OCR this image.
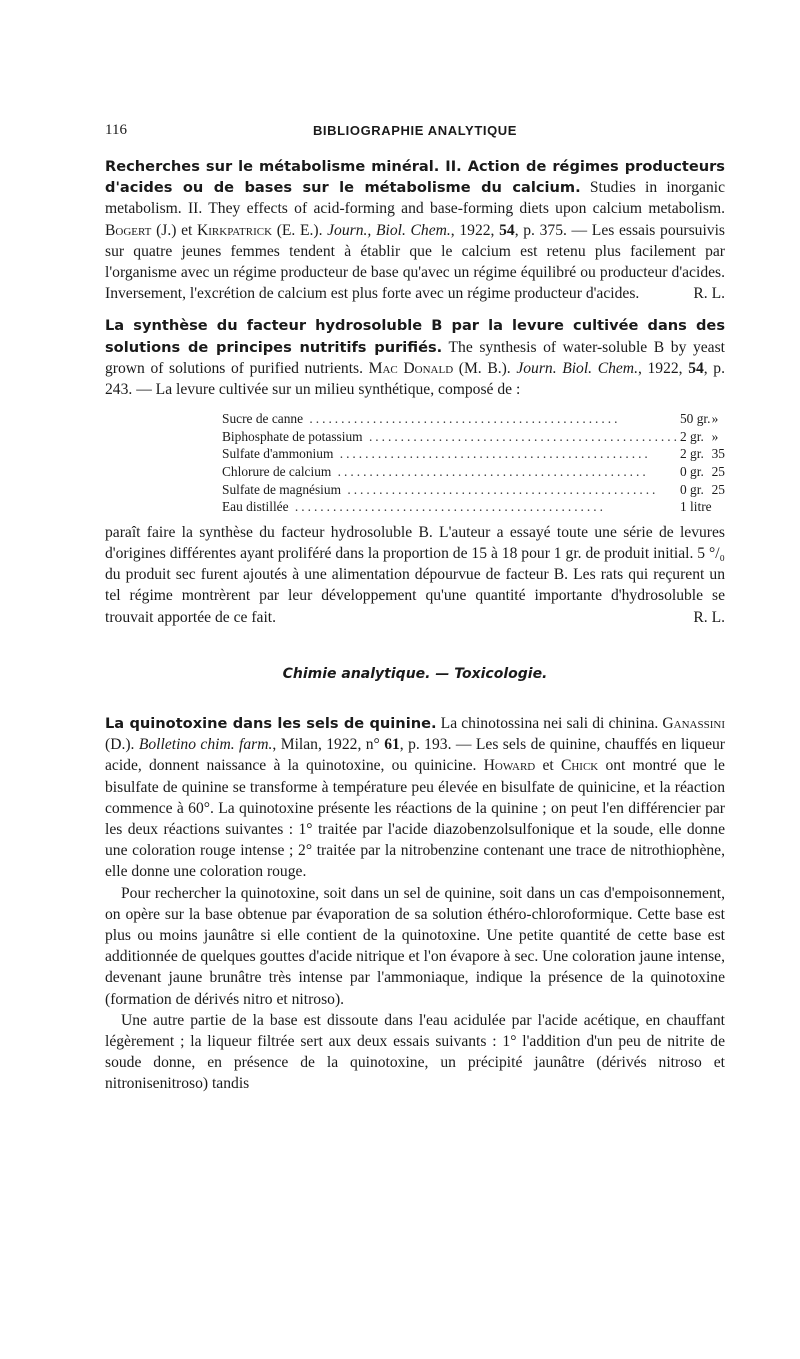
116	BIBLIOGRAPHIE ANALYTIQUE

Recherches sur le métabolisme minéral. II. Action de régimes producteurs d'acides ou de bases sur le métabolisme du calcium. Studies in inorganic metabolism. II. They effects of acid-forming and base-forming diets upon calcium metabolism. Bogert (J.) et Kirkpatrick (E. E.). Journ., Biol. Chem., 1922, 54, p. 375. — Les essais poursuivis sur quatre jeunes femmes tendent à établir que le calcium est retenu plus facilement par l'organisme avec un régime producteur de base qu'avec un régime équilibré ou producteur d'acides. Inversement, l'excrétion de calcium est plus forte avec un régime producteur d'acides.	R. L.

La synthèse du facteur hydrosoluble B par la levure cultivée dans des solutions de principes nutritifs purifiés. The synthesis of water-soluble B by yeast grown of solutions of purified nutrients. Mac Donald (M. B.). Journ. Biol. Chem., 1922, 54, p. 243. — La levure cultivée sur un milieu synthétique, composé de :

Sucre de canne .................................................	50 gr.	»
Biphosphate de potassium .................................................	2 gr.	»
Sulfate d'ammonium .................................................	2 gr.	35
Chlorure de calcium .................................................	0 gr.	25
Sulfate de magnésium .................................................	0 gr.	25
Eau distillée .................................................	1 litre	

paraît faire la synthèse du facteur hydrosoluble B. L'auteur a essayé toute une série de levures d'origines différentes ayant proliféré dans la proportion de 15 à 18 pour 1 gr. de produit initial. 5 °/₀ du produit sec furent ajoutés à une alimentation dépourvue de facteur B. Les rats qui reçurent un tel régime montrèrent par leur développement qu'une quantité importante d'hydrosoluble se trouvait apportée de ce fait.	R. L.

Chimie analytique. — Toxicologie.

La quinotoxine dans les sels de quinine. La chinotossina nei sali di chinina. Ganassini (D.). Bolletino chim. farm., Milan, 1922, n° 61, p. 193. — Les sels de quinine, chauffés en liqueur acide, donnent naissance à la quinotoxine, ou quinicine. Howard et Chick ont montré que le bisulfate de quinine se transforme à température peu élevée en bisulfate de quinicine, et la réaction commence à 60°. La quinotoxine présente les réactions de la quinine ; on peut l'en différencier par les deux réactions suivantes : 1° traitée par l'acide diazobenzolsulfonique et la soude, elle donne une coloration rouge intense ; 2° traitée par la nitrobenzine contenant une trace de nitrothiophène, elle donne une coloration rouge.

Pour rechercher la quinotoxine, soit dans un sel de quinine, soit dans un cas d'empoisonnement, on opère sur la base obtenue par évaporation de sa solution éthéro-chloroformique. Cette base est plus ou moins jaunâtre si elle contient de la quinotoxine. Une petite quantité de cette base est additionnée de quelques gouttes d'acide nitrique et l'on évapore à sec. Une coloration jaune intense, devenant jaune brunâtre très intense par l'ammoniaque, indique la présence de la quinotoxine (formation de dérivés nitro et nitroso).

Une autre partie de la base est dissoute dans l'eau acidulée par l'acide acétique, en chauffant légèrement ; la liqueur filtrée sert aux deux essais suivants : 1° l'addition d'un peu de nitrite de soude donne, en présence de la quinotoxine, un précipité jaunâtre (dérivés nitroso et nitronisenitroso) tandis
